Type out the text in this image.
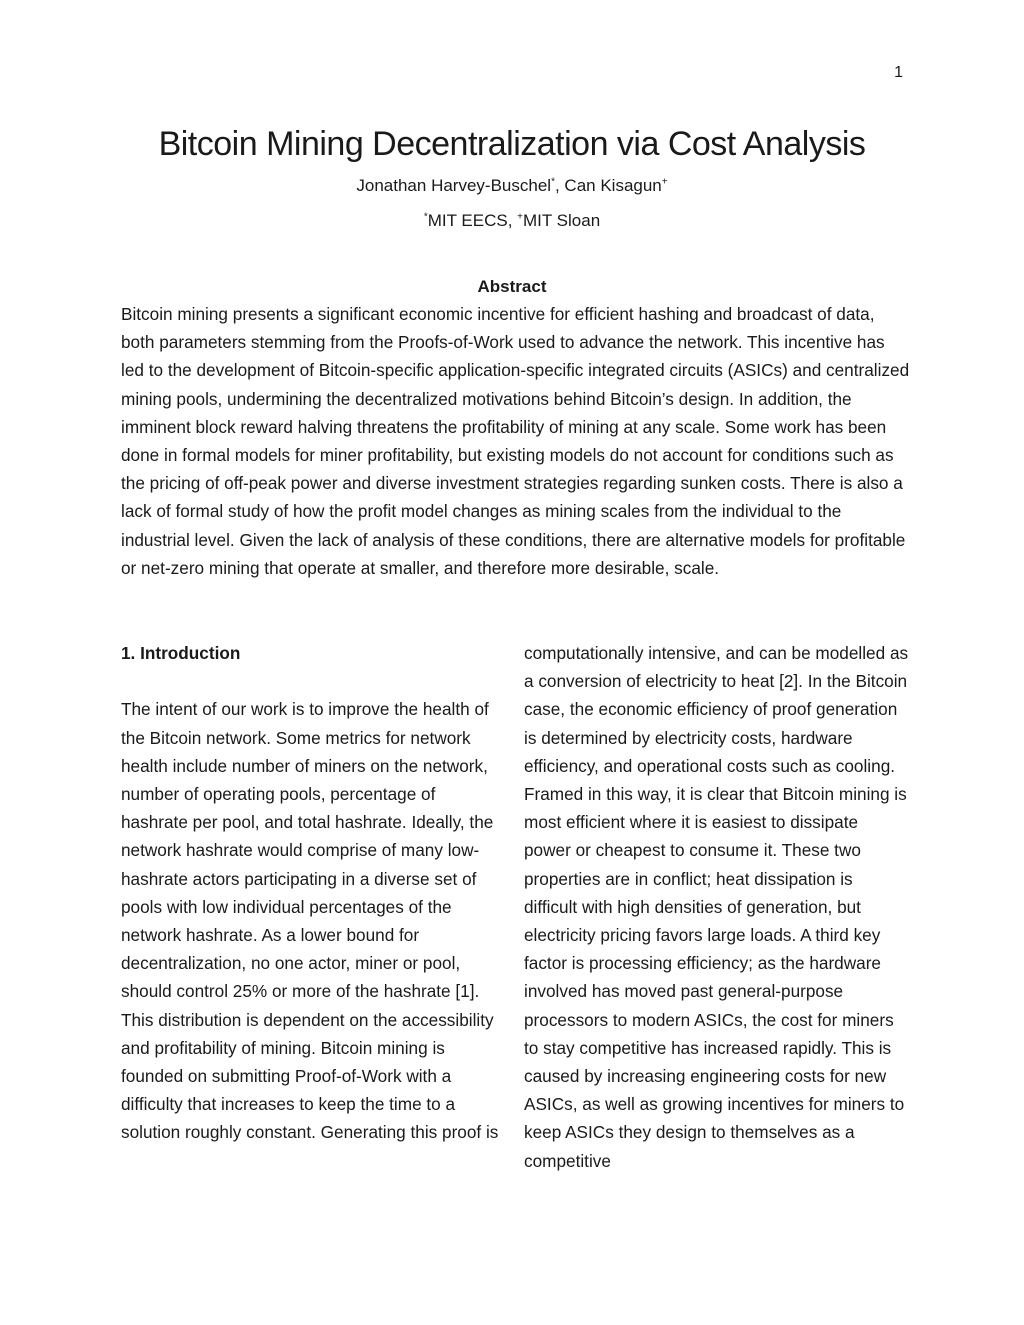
1
Bitcoin Mining Decentralization via Cost Analysis
Jonathan Harvey-Buschel*, Can Kisagun+
*MIT EECS, +MIT Sloan
Abstract

Bitcoin mining presents a significant economic incentive for efficient hashing and broadcast of data, both parameters stemming from the Proofs-of-Work used to advance the network. This incentive has led to the development of Bitcoin-specific application-specific integrated circuits (ASICs) and centralized mining pools, undermining the decentralized motivations behind Bitcoin’s design. In addition, the imminent block reward halving threatens the profitability of mining at any scale. Some work has been done in formal models for miner profitability, but existing models do not account for conditions such as the pricing of off-peak power and diverse investment strategies regarding sunken costs. There is also a lack of formal study of how the profit model changes as mining scales from the individual to the industrial level. Given the lack of analysis of these conditions, there are alternative models for profitable or net-zero mining that operate at smaller, and therefore more desirable, scale.

1. Introduction

The intent of our work is to improve the health of the Bitcoin network. Some metrics for network health include number of miners on the network, number of operating pools, percentage of hashrate per pool, and total hashrate. Ideally, the network hashrate would comprise of many low-hashrate actors participating in a diverse set of pools with low individual percentages of the network hashrate. As a lower bound for decentralization, no one actor, miner or pool, should control 25% or more of the hashrate [1]. This distribution is dependent on the accessibility and profitability of mining. Bitcoin mining is founded on submitting Proof-of-Work with a difficulty that increases to keep the time to a solution roughly constant. Generating this proof is

computationally intensive, and can be modelled as a conversion of electricity to heat [2]. In the Bitcoin case, the economic efficiency of proof generation is determined by electricity costs, hardware efficiency, and operational costs such as cooling. Framed in this way, it is clear that Bitcoin mining is most efficient where it is easiest to dissipate power or cheapest to consume it. These two properties are in conflict; heat dissipation is difficult with high densities of generation, but electricity pricing favors large loads. A third key factor is processing efficiency; as the hardware involved has moved past general-purpose processors to modern ASICs, the cost for miners to stay competitive has increased rapidly. This is caused by increasing engineering costs for new ASICs, as well as growing incentives for miners to keep ASICs they design to themselves as a competitive
